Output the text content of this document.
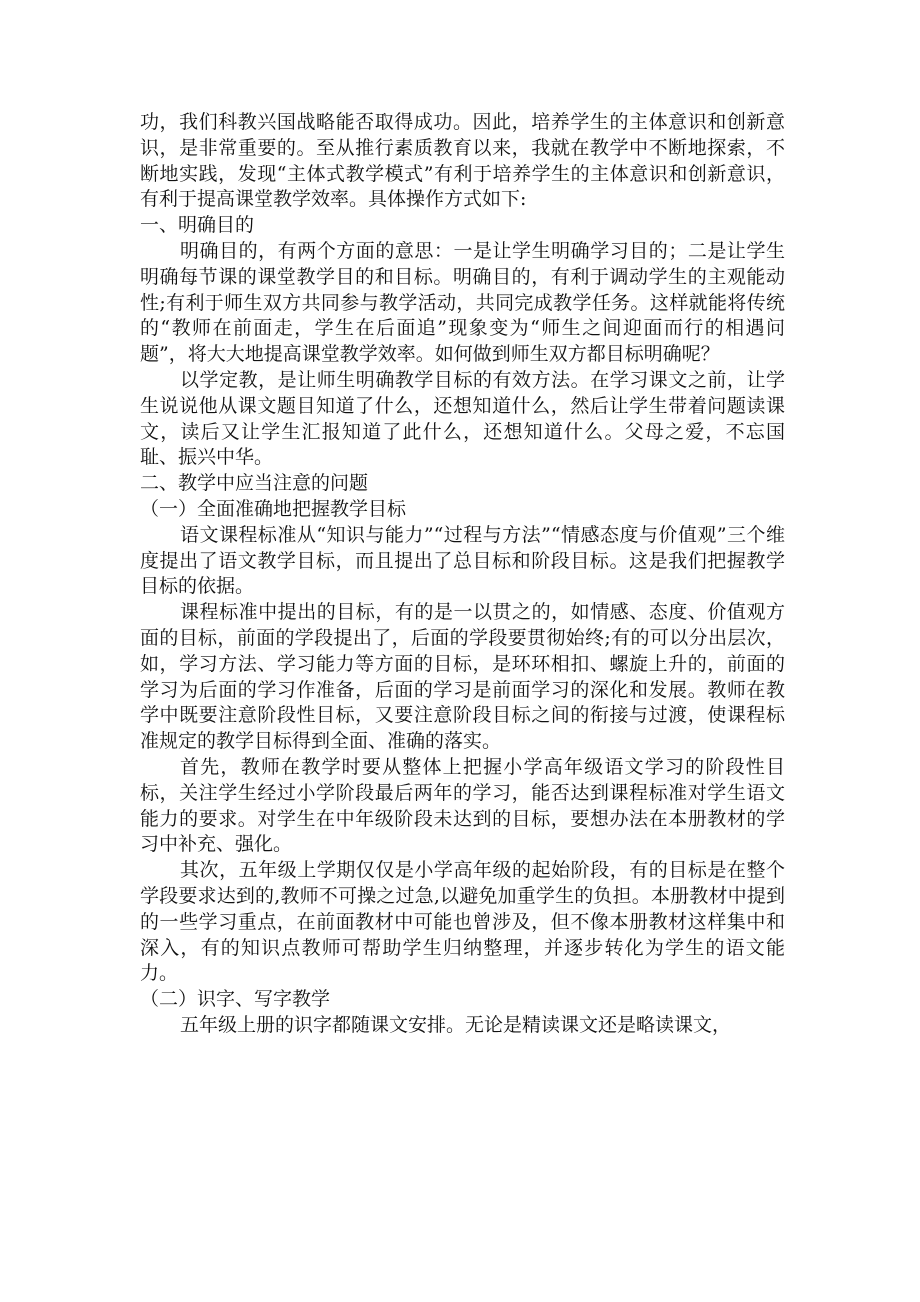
功，我们科教兴国战略能否取得成功。因此，培养学生的主体意识和创新意识，是非常重要的。至从推行素质教育以来，我就在教学中不断地探索，不断地实践，发现“主体式教学模式”有利于培养学生的主体意识和创新意识，有利于提高课堂教学效率。具体操作方式如下:

一、明确目的

明确目的，有两个方面的意思：一是让学生明确学习目的；二是让学生明确每节课的课堂教学目的和目标。明确目的，有利于调动学生的主观能动性;有利于师生双方共同参与教学活动，共同完成教学任务。这样就能将传统的“教师在前面走，学生在后面追”现象变为“师生之间迎面而行的相遇问题”，将大大地提高课堂教学效率。如何做到师生双方都目标明确呢？

以学定教，是让师生明确教学目标的有效方法。在学习课文之前，让学生说说他从课文题目知道了什么，还想知道什么，然后让学生带着问题读课文，读后又让学生汇报知道了此什么，还想知道什么。父母之爱，不忘国耻、振兴中华。

二、教学中应当注意的问题

（一）全面准确地把握教学目标

语文课程标准从“知识与能力”“过程与方法”“情感态度与价值观”三个维度提出了语文教学目标，而且提出了总目标和阶段目标。这是我们把握教学目标的依据。

课程标准中提出的目标，有的是一以贯之的，如情感、态度、价值观方面的目标，前面的学段提出了，后面的学段要贯彻始终;有的可以分出层次，如，学习方法、学习能力等方面的目标，是环环相扣、螺旋上升的，前面的学习为后面的学习作准备，后面的学习是前面学习的深化和发展。教师在教学中既要注意阶段性目标，又要注意阶段目标之间的衔接与过渡，使课程标准规定的教学目标得到全面、准确的落实。

首先，教师在教学时要从整体上把握小学高年级语文学习的阶段性目标，关注学生经过小学阶段最后两年的学习，能否达到课程标准对学生语文能力的要求。对学生在中年级阶段未达到的目标，要想办法在本册教材的学习中补充、强化。

其次，五年级上学期仅仅是小学高年级的起始阶段，有的目标是在整个学段要求达到的,教师不可操之过急,以避免加重学生的负担。本册教材中提到的一些学习重点，在前面教材中可能也曾涉及，但不像本册教材这样集中和深入，有的知识点教师可帮助学生归纳整理，并逐步转化为学生的语文能力。

（二）识字、写字教学

五年级上册的识字都随课文安排。无论是精读课文还是略读课文，
